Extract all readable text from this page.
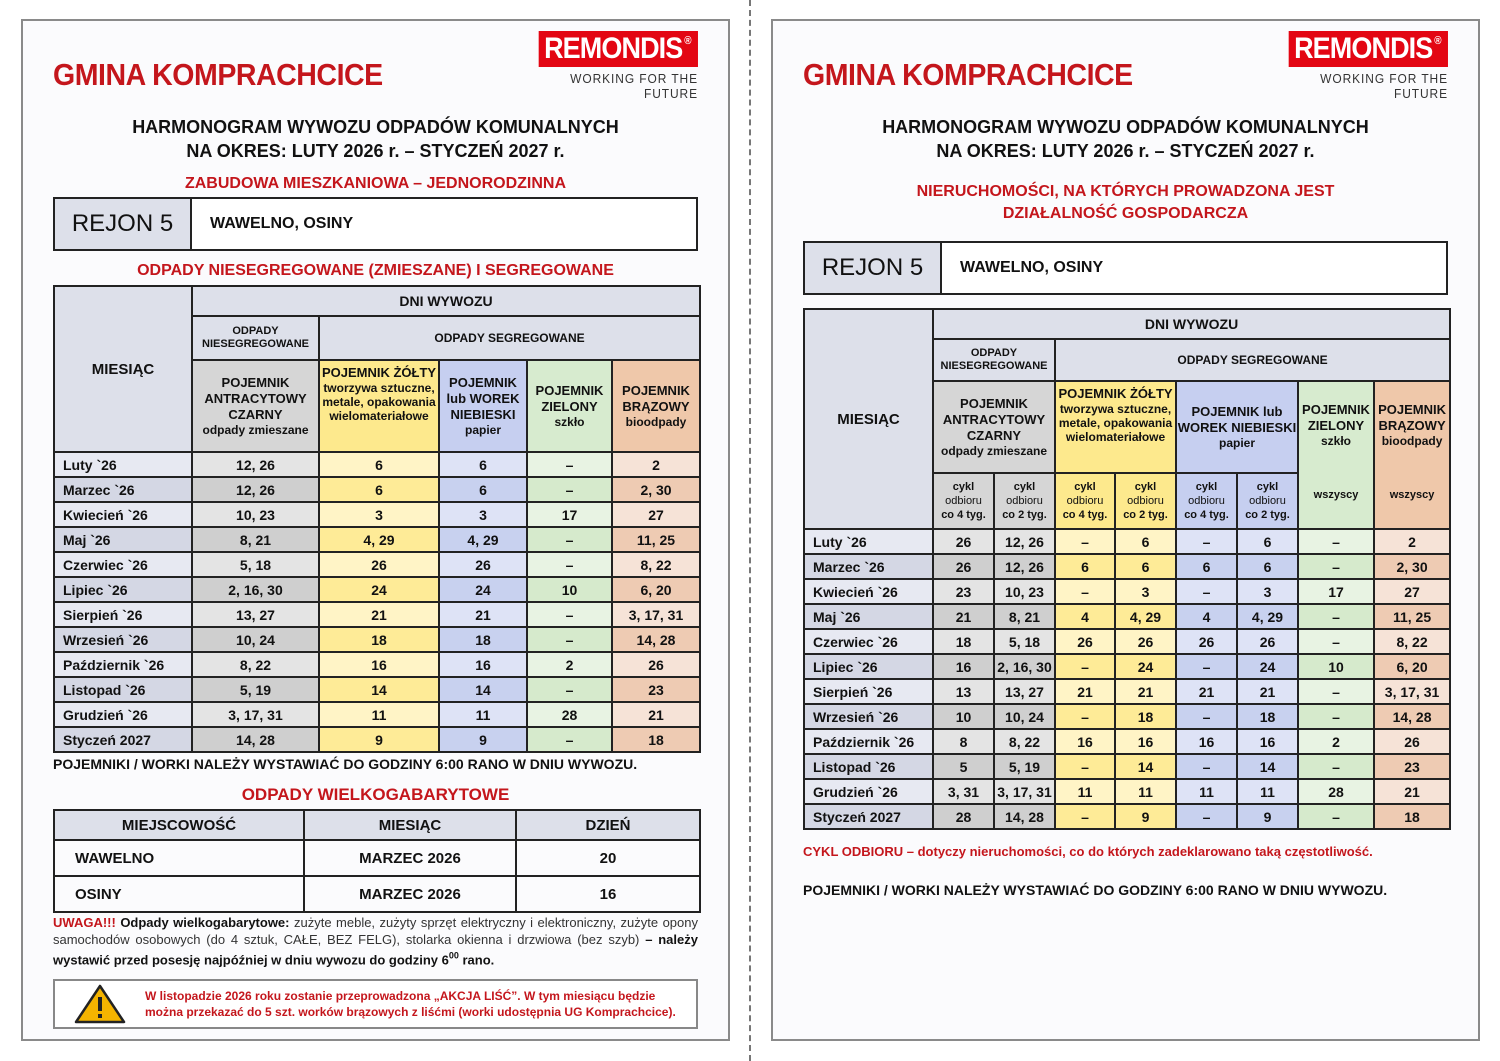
GMINA KOMPRACHCICE
REMONDIS ®
WORKING FOR THE FUTURE
HARMONOGRAM WYWOZU ODPADÓW KOMUNALNYCH
NA OKRES: LUTY 2026 r. – STYCZEŃ 2027 r.
ZABUDOWA MIESZKANIOWA – JEDNORODZINNA
REJON 5	WAWELNO, OSINY
ODPADY NIESEGREGOWANE (ZMIESZANE) I SEGREGOWANE
MIESIĄC	DNI WYWOZU				
	ODPADY NIESEGREGOWANE	ODPADY SEGREGOWANE			

POJEMNIK ANTRACYTOWY CZARNY
odpady zmieszane

POJEMNIK ŻÓŁTY
tworzywa sztuczne, metale, opakowania wielomateriałowe

POJEMNIK lub WOREK NIEBIESKI
papier

POJEMNIK ZIELONY
szkło

POJEMNIK BRĄZOWY
bioodpady

Luty `26	12, 26	6	6	–	2
Marzec `26	12, 26	6	6	–	2, 30
Kwiecień `26	10, 23	3	3	17	27
Maj `26	8, 21	4, 29	4, 29	–	11, 25
Czerwiec `26	5, 18	26	26	–	8, 22
Lipiec `26	2, 16, 30	24	24	10	6, 20
Sierpień `26	13, 27	21	21	–	3, 17, 31
Wrzesień `26	10, 24	18	18	–	14, 28
Październik `26	8, 22	16	16	2	26
Listopad `26	5, 19	14	14	–	23
Grudzień `26	3, 17, 31	11	11	28	21
Styczeń 2027	14, 28	9	9	–	18
POJEMNIKI / WORKI NALEŻY WYSTAWIAĆ DO GODZINY 6:00 RANO W DNIU WYWOZU.
ODPADY WIELKOGABARYTOWE
MIEJSCOWOŚĆ	MIESIĄC	DZIEŃ
WAWELNO	MARZEC 2026	20
OSINY	MARZEC 2026	16
UWAGA!!! Odpady wielkogabarytowe: zużyte meble, zużyty sprzęt elektryczny i elektroniczny, zużyte opony samochodów osobowych (do 4 sztuk, CAŁE, BEZ FELG), stolarka okienna i drzwiowa (bez szyb) – należy wystawić przed posesję najpóźniej w dniu wywozu do godziny $6^{00}$ rano.
W listopadzie 2026 roku zostanie przeprowadzona „AKCJA LIŚĆ”. W tym miesiącu będzie
można przekazać do 5 szt. worków brązowych z liśćmi (worki udostępnia UG Komprachcice).
GMINA KOMPRACHCICE
REMONDIS ®
WORKING FOR THE FUTURE
HARMONOGRAM WYWOZU ODPADÓW KOMUNALNYCH
NA OKRES: LUTY 2026 r. – STYCZEŃ 2027 r.
NIERUCHOMOŚCI, NA KTÓRYCH PROWADZONA JEST
DZIAŁALNOŚĆ GOSPODARCZA
REJON 5	WAWELNO, OSINY
MIESIĄC	DNI WYWOZU							
	ODPADY NIESEGREGOWANE		ODPADY SEGREGOWANE					

POJEMNIK ANTRACYTOWY CZARNY
odpady zmieszane

POJEMNIK ŻÓŁTY
tworzywa sztuczne, metale, opakowania wielomateriałowe

POJEMNIK lub WOREK NIEBIESKI
papier

POJEMNIK ZIELONY
szkło
wszyscy

POJEMNIK BRĄZOWY
bioodpady
wszyscy

cykl
odbioru
co 4 tyg.

cykl
odbioru
co 2 tyg.

cykl
odbioru
co 4 tyg.

cykl
odbioru
co 2 tyg.

cykl
odbioru
co 4 tyg.

cykl
odbioru
co 2 tyg.

Luty `26	26	12, 26	–	6	–	6	–	2
Marzec `26	26	12, 26	6	6	6	6	–	2, 30
Kwiecień `26	23	10, 23	–	3	–	3	17	27
Maj `26	21	8, 21	4	4, 29	4	4, 29	–	11, 25
Czerwiec `26	18	5, 18	26	26	26	26	–	8, 22
Lipiec `26	16	2, 16, 30	–	24	–	24	10	6, 20
Sierpień `26	13	13, 27	21	21	21	21	–	3, 17, 31
Wrzesień `26	10	10, 24	–	18	–	18	–	14, 28
Październik `26	8	8, 22	16	16	16	16	2	26
Listopad `26	5	5, 19	–	14	–	14	–	23
Grudzień `26	3, 31	3, 17, 31	11	11	11	11	28	21
Styczeń 2027	28	14, 28	–	9	–	9	–	18
CYKL ODBIORU – dotyczy nieruchomości, co do których zadeklarowano taką częstotliwość.
POJEMNIKI / WORKI NALEŻY WYSTAWIAĆ DO GODZINY 6:00 RANO W DNIU WYWOZU.
